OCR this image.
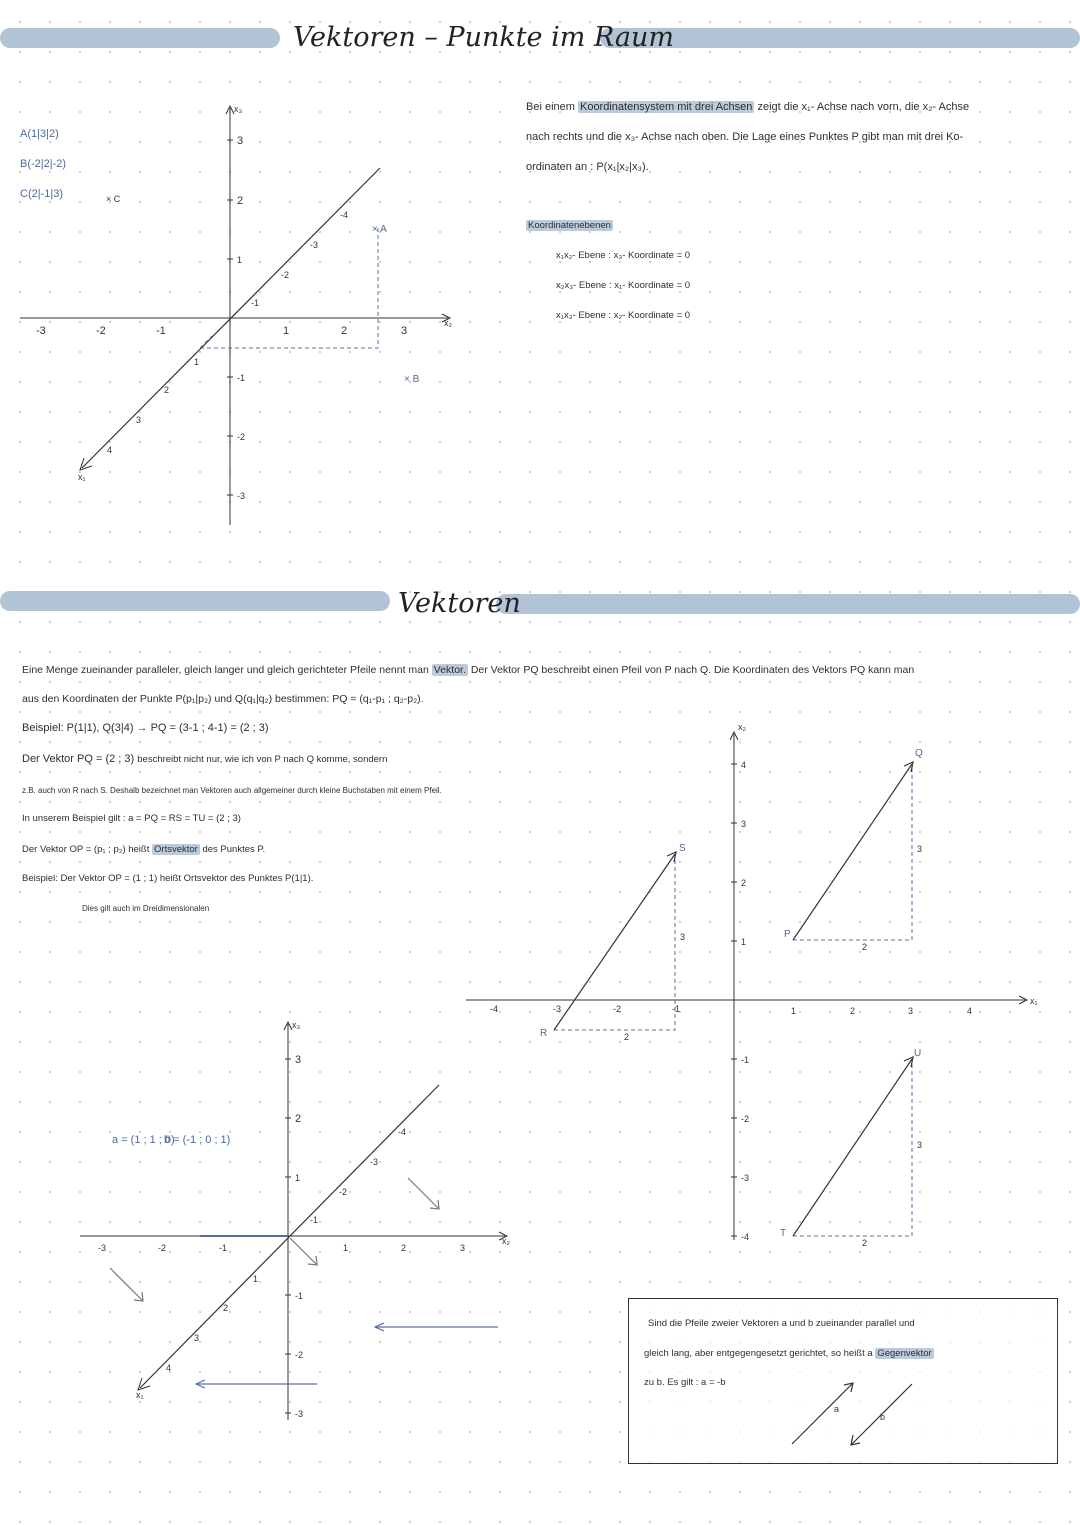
Vektoren – Punkte im Raum
A(1|3|2)
B(-2|2|-2)
C(2|-1|3)	× C
-3	-2	-1	1	2	3
3
2
1
-1
-2
-3
-4
-3
-2
-1
1
2
3
4
x₃
x₂
x₁
× A
× B
Bei einem Koordinatensystem mit drei Achsen zeigt die x₁- Achse nach vorn, die x₂- Achse
nach rechts und die x₃- Achse nach oben. Die Lage eines Punktes P gibt man mit drei Ko-
ordinaten an : P(x₁|x₂|x₃).
Koordinatenebenen
x₁x₂- Ebene : x₃- Koordinate = 0
x₂x₃- Ebene : x₁- Koordinate = 0
x₁x₃- Ebene : x₂- Koordinate = 0
Vektoren
Eine Menge zueinander paralleler, gleich langer und gleich gerichteter Pfeile nennt man Vektor. Der Vektor PQ beschreibt einen Pfeil von P nach Q. Die Koordinaten des Vektors PQ kann man
aus den Koordinaten der Punkte P(p₁|p₂) und Q(q₁|q₂) bestimmen: PQ = (q₁-p₁ ; q₂-p₂).
Beispiel: P(1|1), Q(3|4) → PQ = (3-1 ; 4-1) = (2 ; 3)
Der Vektor PQ = (2 ; 3) beschreibt nicht nur, wie ich von P nach Q komme, sondern
z.B. auch von R nach S. Deshalb bezeichnet man Vektoren auch allgemeiner durch kleine Buchstaben mit einem Pfeil.
In unserem Beispiel gilt : a = PQ = RS = TU = (2 ; 3)
Der Vektor OP = (p₁ ; p₂) heißt Ortsvektor des Punktes P.
Beispiel: Der Vektor OP = (1 ; 1) heißt Ortsvektor des Punktes P(1|1).
Dies gilt auch im Dreidimensionalen
x₂
x₁
-4	-3	-2	-1	1	2	3	4
4
3
2
1
-1
-2
-3
-4
P
Q
2
3
R
S
2
3
T
U
2
3
a = (1 ; 1 ; 0)
b = (-1 ; 0 ; 1)
x₃
x₂
x₁
-3	-2	-1	1	2	3
3
2
1
-1
-2
-3
-4
-3
-2
-1
1
2
3
4
Sind die Pfeile zweier Vektoren a und b zueinander parallel und
gleich lang, aber entgegengesetzt gerichtet, so heißt a Gegenvektor
zu b. Es gilt : a = -b
a
b
